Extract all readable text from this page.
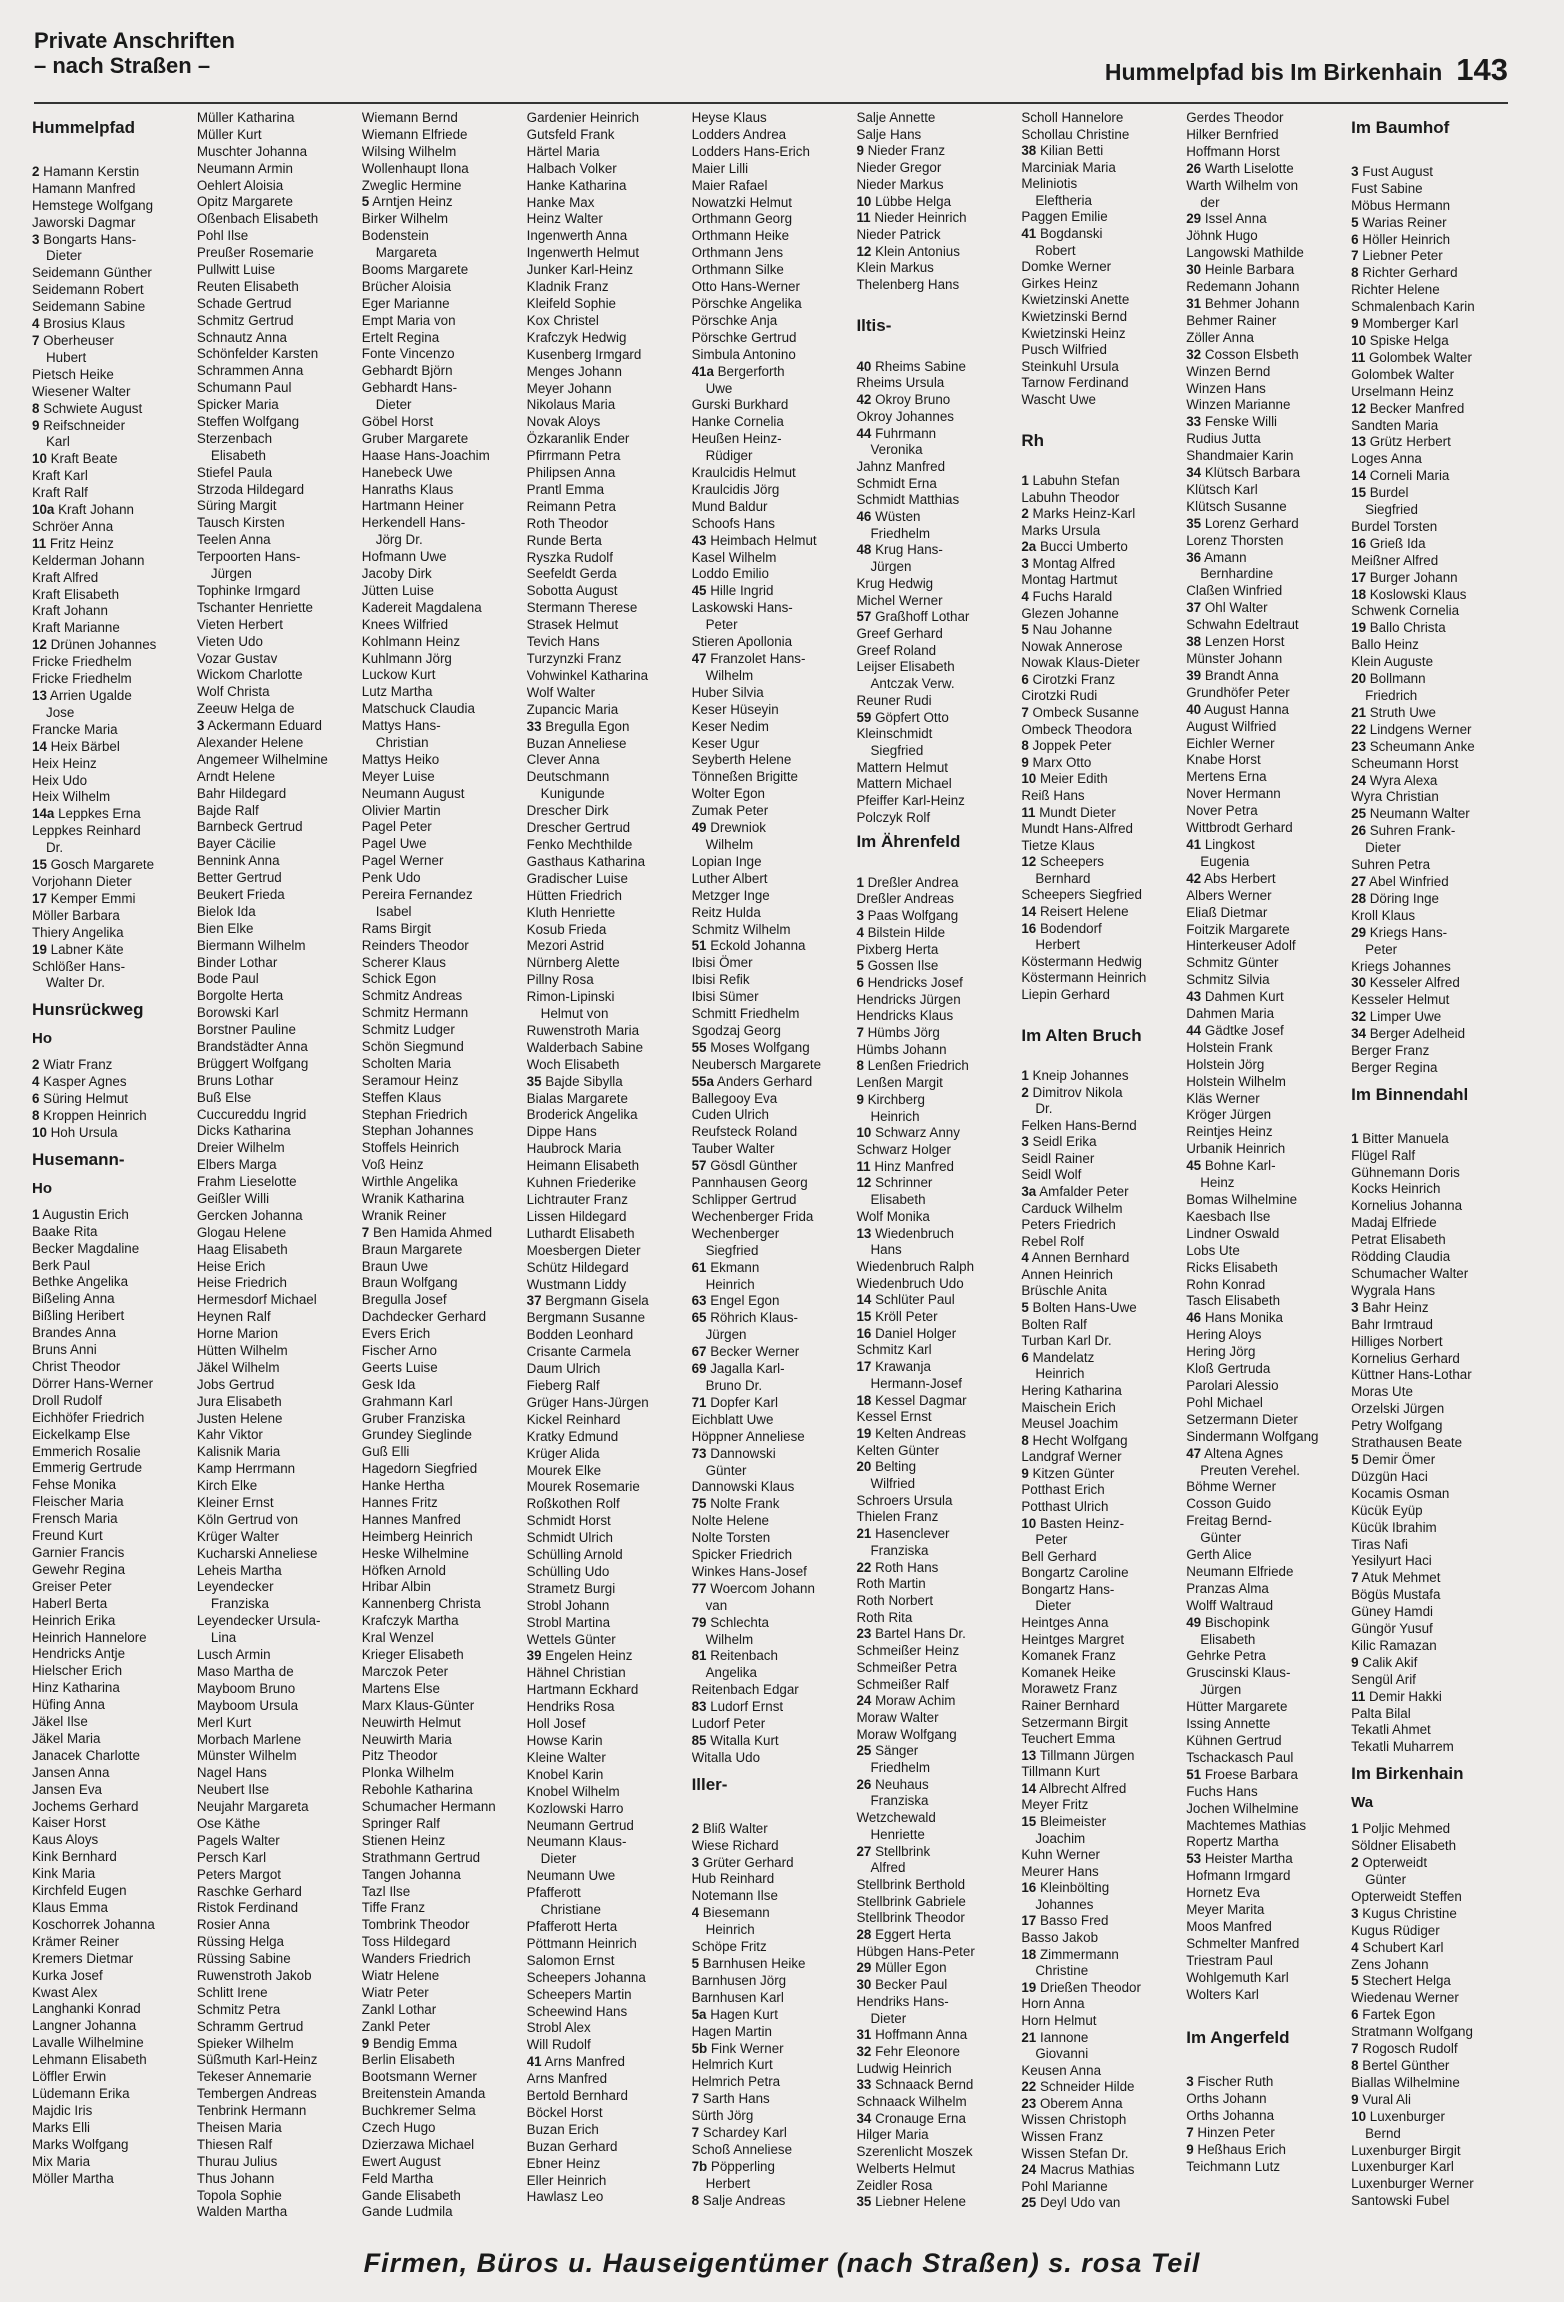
Private Anschriften
– nach Straßen –	Hummelpfad bis Im Birkenhain 143
Hummelpfad

2 Hamann Kerstin
Hamann Manfred
Hemstege Wolfgang
Jaworski Dagmar
3 Bongarts Hans-
Dieter
Seidemann Günther
Seidemann Robert
Seidemann Sabine
4 Brosius Klaus
7 Oberheuser
Hubert
Pietsch Heike
Wiesener Walter
8 Schwiete August
9 Reifschneider
Karl
10 Kraft Beate
Kraft Karl
Kraft Ralf
10a Kraft Johann
Schröer Anna
11 Fritz Heinz
Kelderman Johann
Kraft Alfred
Kraft Elisabeth
Kraft Johann
Kraft Marianne
12 Drünen Johannes
Fricke Friedhelm
Fricke Friedhelm
13 Arrien Ugalde
Jose
Francke Maria
14 Heix Bärbel
Heix Heinz
Heix Udo
Heix Wilhelm
14a Leppkes Erna
Leppkes Reinhard
Dr.
15 Gosch Margarete
Vorjohann Dieter
17 Kemper Emmi
Möller Barbara
Thiery Angelika
19 Labner Käte
Schlößer Hans-
Walter Dr.
Hunsrückweg
Ho
2 Wiatr Franz
4 Kasper Agnes
6 Süring Helmut
8 Kroppen Heinrich
10 Hoh Ursula
Husemann-
Ho
1 Augustin Erich
Baake Rita
Becker Magdaline
Berk Paul
Bethke Angelika
Bißeling Anna
Bißling Heribert
Brandes Anna
Bruns Anni
Christ Theodor
Dörrer Hans-Werner
Droll Rudolf
Eichhöfer Friedrich
Eickelkamp Else
Emmerich Rosalie
Emmerig Gertrude
Fehse Monika
Fleischer Maria
Frensch Maria
Freund Kurt
Garnier Francis
Gewehr Regina
Greiser Peter
Haberl Berta
Heinrich Erika
Heinrich Hannelore
Hendricks Antje
Hielscher Erich
Hinz Katharina
Hüfing Anna
Jäkel Ilse
Jäkel Maria
Janacek Charlotte
Jansen Anna
Jansen Eva
Jochems Gerhard
Kaiser Horst
Kaus Aloys
Kink Bernhard
Kink Maria
Kirchfeld Eugen
Klaus Emma
Koschorrek Johanna
Krämer Reiner
Kremers Dietmar
Kurka Josef
Kwast Alex
Langhanki Konrad
Langner Johanna
Lavalle Wilhelmine
Lehmann Elisabeth
Löffler Erwin
Lüdemann Erika
Majdic Iris
Marks Elli
Marks Wolfgang
Mix Maria
Möller Martha
Müller Katharina
Müller Kurt
Muschter Johanna
Neumann Armin
Oehlert Aloisia
Opitz Margarete
Oßenbach Elisabeth
Pohl Ilse
Preußer Rosemarie
Pullwitt Luise
Reuten Elisabeth
Schade Gertrud
Schmitz Gertrud
Schnautz Anna
Schönfelder Karsten
Schrammen Anna
Schumann Paul
Spicker Maria
Steffen Wolfgang
Sterzenbach
Elisabeth
Stiefel Paula
Strzoda Hildegard
Süring Margit
Tausch Kirsten
Teelen Anna
Terpoorten Hans-
Jürgen
Tophinke Irmgard
Tschanter Henriette
Vieten Herbert
Vieten Udo
Vozar Gustav
Wickom Charlotte
Wolf Christa
Zeeuw Helga de
3 Ackermann Eduard
Alexander Helene
Angemeer Wilhelmine
Arndt Helene
Bahr Hildegard
Bajde Ralf
Barnbeck Gertrud
Bayer Cäcilie
Bennink Anna
Better Gertrud
Beukert Frieda
Bielok Ida
Bien Elke
Biermann Wilhelm
Binder Lothar
Bode Paul
Borgolte Herta
Borowski Karl
Borstner Pauline
Brandstädter Anna
Brüggert Wolfgang
Bruns Lothar
Buß Else
Cuccureddu Ingrid
Dicks Katharina
Dreier Wilhelm
Elbers Marga
Frahm Lieselotte
Geißler Willi
Gercken Johanna
Glogau Helene
Haag Elisabeth
Heise Erich
Heise Friedrich
Hermesdorf Michael
Heynen Ralf
Horne Marion
Hütten Wilhelm
Jäkel Wilhelm
Jobs Gertrud
Jura Elisabeth
Justen Helene
Kahr Viktor
Kalisnik Maria
Kamp Herrmann
Kirch Elke
Kleiner Ernst
Köln Gertrud von
Krüger Walter
Kucharski Anneliese
Leheis Martha
Leyendecker
Franziska
Leyendecker Ursula-
Lina
Lusch Armin
Maso Martha de
Mayboom Bruno
Mayboom Ursula
Merl Kurt
Morbach Marlene
Münster Wilhelm
Nagel Hans
Neubert Ilse
Neujahr Margareta
Ose Käthe
Pagels Walter
Persch Karl
Peters Margot
Raschke Gerhard
Ristok Ferdinand
Rosier Anna
Rüssing Helga
Rüssing Sabine
Ruwenstroth Jakob
Schlitt Irene
Schmitz Petra
Schramm Gertrud
Spieker Wilhelm
Süßmuth Karl-Heinz
Tekeser Annemarie
Tembergen Andreas
Tenbrink Hermann
Theisen Maria
Thiesen Ralf
Thurau Julius
Thus Johann
Topola Sophie
Walden Martha
Wiemann Bernd
Wiemann Elfriede
Wilsing Wilhelm
Wollenhaupt Ilona
Zweglic Hermine
5 Arntjen Heinz
Birker Wilhelm
Bodenstein
Margareta
Booms Margarete
Brücher Aloisia
Eger Marianne
Empt Maria von
Ertelt Regina
Fonte Vincenzo
Gebhardt Björn
Gebhardt Hans-
Dieter
Göbel Horst
Gruber Margarete
Haase Hans-Joachim
Hanebeck Uwe
Hanraths Klaus
Hartmann Heiner
Herkendell Hans-
Jörg Dr.
Hofmann Uwe
Jacoby Dirk
Jütten Luise
Kadereit Magdalena
Knees Wilfried
Kohlmann Heinz
Kuhlmann Jörg
Luckow Kurt
Lutz Martha
Matschuck Claudia
Mattys Hans-
Christian
Mattys Heiko
Meyer Luise
Neumann August
Olivier Martin
Pagel Peter
Pagel Uwe
Pagel Werner
Penk Udo
Pereira Fernandez
Isabel
Rams Birgit
Reinders Theodor
Scherer Klaus
Schick Egon
Schmitz Andreas
Schmitz Hermann
Schmitz Ludger
Schön Siegmund
Scholten Maria
Seramour Heinz
Steffen Klaus
Stephan Friedrich
Stephan Johannes
Stoffels Heinrich
Voß Heinz
Wirthle Angelika
Wranik Katharina
Wranik Reiner
7 Ben Hamida Ahmed
Braun Margarete
Braun Uwe
Braun Wolfgang
Bregulla Josef
Dachdecker Gerhard
Evers Erich
Fischer Arno
Geerts Luise
Gesk Ida
Grahmann Karl
Gruber Franziska
Grundey Sieglinde
Guß Elli
Hagedorn Siegfried
Hanke Hertha
Hannes Fritz
Hannes Manfred
Heimberg Heinrich
Heske Wilhelmine
Höfken Arnold
Hribar Albin
Kannenberg Christa
Krafczyk Martha
Kral Wenzel
Krieger Elisabeth
Marczok Peter
Martens Else
Marx Klaus-Günter
Neuwirth Helmut
Neuwirth Maria
Pitz Theodor
Plonka Wilhelm
Rebohle Katharina
Schumacher Hermann
Springer Ralf
Stienen Heinz
Strathmann Gertrud
Tangen Johanna
Tazl Ilse
Tiffe Franz
Tombrink Theodor
Toss Hildegard
Wanders Friedrich
Wiatr Helene
Wiatr Peter
Zankl Lothar
Zankl Peter
9 Bendig Emma
Berlin Elisabeth
Bootsmann Werner
Breitenstein Amanda
Buchkremer Selma
Czech Hugo
Dzierzawa Michael
Ewert August
Feld Martha
Gande Elisabeth
Gande Ludmila
Gardenier Heinrich
Gutsfeld Frank
Härtel Maria
Halbach Volker
Hanke Katharina
Hanke Max
Heinz Walter
Ingenwerth Anna
Ingenwerth Helmut
Junker Karl-Heinz
Kladnik Franz
Kleifeld Sophie
Kox Christel
Krafczyk Hedwig
Kusenberg Irmgard
Menges Johann
Meyer Johann
Nikolaus Maria
Novak Aloys
Özkaranlik Ender
Pfirrmann Petra
Philipsen Anna
Prantl Emma
Reimann Petra
Roth Theodor
Runde Berta
Ryszka Rudolf
Seefeldt Gerda
Sobotta August
Stermann Therese
Strasek Helmut
Tevich Hans
Turzynzki Franz
Vohwinkel Katharina
Wolf Walter
Zupancic Maria
33 Bregulla Egon
Buzan Anneliese
Clever Anna
Deutschmann
Kunigunde
Drescher Dirk
Drescher Gertrud
Fenko Mechthilde
Gasthaus Katharina
Gradischer Luise
Hütten Friedrich
Kluth Henriette
Kosub Frieda
Mezori Astrid
Nürnberg Alette
Pillny Rosa
Rimon-Lipinski
Helmut von
Ruwenstroth Maria
Walderbach Sabine
Woch Elisabeth
35 Bajde Sibylla
Bialas Margarete
Broderick Angelika
Dippe Hans
Haubrock Maria
Heimann Elisabeth
Kuhnen Friederike
Lichtrauter Franz
Lissen Hildegard
Luthardt Elisabeth
Moesbergen Dieter
Schütz Hildegard
Wustmann Liddy
37 Bergmann Gisela
Bergmann Susanne
Bodden Leonhard
Crisante Carmela
Daum Ulrich
Fieberg Ralf
Grüger Hans-Jürgen
Kickel Reinhard
Kratky Edmund
Krüger Alida
Mourek Elke
Mourek Rosemarie
Roßkothen Rolf
Schmidt Horst
Schmidt Ulrich
Schülling Arnold
Schülling Udo
Strametz Burgi
Strobl Johann
Strobl Martina
Wettels Günter
39 Engelen Heinz
Hähnel Christian
Hartmann Eckhard
Hendriks Rosa
Holl Josef
Howse Karin
Kleine Walter
Knobel Karin
Knobel Wilhelm
Kozlowski Harro
Neumann Gertrud
Neumann Klaus-
Dieter
Neumann Uwe
Pfafferott
Christiane
Pfafferott Herta
Pöttmann Heinrich
Salomon Ernst
Scheepers Johanna
Scheepers Martin
Scheewind Hans
Strobl Alex
Will Rudolf
41 Arns Manfred
Arns Manfred
Bertold Bernhard
Böckel Horst
Buzan Erich
Buzan Gerhard
Ebner Heinz
Eller Heinrich
Hawlasz Leo
Heyse Klaus
Lodders Andrea
Lodders Hans-Erich
Maier Lilli
Maier Rafael
Nowatzki Helmut
Orthmann Georg
Orthmann Heike
Orthmann Jens
Orthmann Silke
Otto Hans-Werner
Pörschke Angelika
Pörschke Anja
Pörschke Gertrud
Simbula Antonino
41a Bergerforth
Uwe
Gurski Burkhard
Hanke Cornelia
Heußen Heinz-
Rüdiger
Kraulcidis Helmut
Kraulcidis Jörg
Mund Baldur
Schoofs Hans
43 Heimbach Helmut
Kasel Wilhelm
Loddo Emilio
45 Hille Ingrid
Laskowski Hans-
Peter
Stieren Apollonia
47 Franzolet Hans-
Wilhelm
Huber Silvia
Keser Hüseyin
Keser Nedim
Keser Ugur
Seyberth Helene
Tönneßen Brigitte
Wolter Egon
Zumak Peter
49 Drewniok
Wilhelm
Lopian Inge
Luther Albert
Metzger Inge
Reitz Hulda
Schmitz Wilhelm
51 Eckold Johanna
Ibisi Ömer
Ibisi Refik
Ibisi Sümer
Schmitt Friedhelm
Sgodzaj Georg
55 Moses Wolfgang
Neubersch Margarete
55a Anders Gerhard
Ballegooy Eva
Cuden Ulrich
Reufsteck Roland
Tauber Walter
57 Gösdl Günther
Pannhausen Georg
Schlipper Gertrud
Wechenberger Frida
Wechenberger
Siegfried
61 Ekmann
Heinrich
63 Engel Egon
65 Röhrich Klaus-
Jürgen
67 Becker Werner
69 Jagalla Karl-
Bruno Dr.
71 Dopfer Karl
Eichblatt Uwe
Höppner Anneliese
73 Dannowski
Günter
Dannowski Klaus
75 Nolte Frank
Nolte Helene
Nolte Torsten
Spicker Friedrich
Winkes Hans-Josef
77 Woercom Johann
van
79 Schlechta
Wilhelm
81 Reitenbach
Angelika
Reitenbach Edgar
83 Ludorf Ernst
Ludorf Peter
85 Witalla Kurt
Witalla Udo
Iller-

2 Bliß Walter
Wiese Richard
3 Grüter Gerhard
Hub Reinhard
Notemann Ilse
4 Biesemann
Heinrich
Schöpe Fritz
5 Barnhusen Heike
Barnhusen Jörg
Barnhusen Karl
5a Hagen Kurt
Hagen Martin
5b Fink Werner
Helmrich Kurt
Helmrich Petra
7 Sarth Hans
Sürth Jörg
7 Schardey Karl
Schoß Anneliese
7b Pöpperling
Herbert
8 Salje Andreas
Salje Annette
Salje Hans
9 Nieder Franz
Nieder Gregor
Nieder Markus
10 Lübbe Helga
11 Nieder Heinrich
Nieder Patrick
12 Klein Antonius
Klein Markus
Thelenberg Hans

Iltis-

40 Rheims Sabine
Rheims Ursula
42 Okroy Bruno
Okroy Johannes
44 Fuhrmann
Veronika
Jahnz Manfred
Schmidt Erna
Schmidt Matthias
46 Wüsten
Friedhelm
48 Krug Hans-
Jürgen
Krug Hedwig
Michel Werner
57 Graßhoff Lothar
Greef Gerhard
Greef Roland
Leijser Elisabeth
Antczak Verw.
Reuner Rudi
59 Göpfert Otto
Kleinschmidt
Siegfried
Mattern Helmut
Mattern Michael
Pfeiffer Karl-Heinz
Polczyk Rolf
Im Ährenfeld

1 Dreßler Andrea
Dreßler Andreas
3 Paas Wolfgang
4 Bilstein Hilde
Pixberg Herta
5 Gossen Ilse
6 Hendricks Josef
Hendricks Jürgen
Hendricks Klaus
7 Hümbs Jörg
Hümbs Johann
8 Lenßen Friedrich
Lenßen Margit
9 Kirchberg
Heinrich
10 Schwarz Anny
Schwarz Holger
11 Hinz Manfred
12 Schrinner
Elisabeth
Wolf Monika
13 Wiedenbruch
Hans
Wiedenbruch Ralph
Wiedenbruch Udo
14 Schlüter Paul
15 Kröll Peter
16 Daniel Holger
Schmitz Karl
17 Krawanja
Hermann-Josef
18 Kessel Dagmar
Kessel Ernst
19 Kelten Andreas
Kelten Günter
20 Belting
Wilfried
Schroers Ursula
Thielen Franz
21 Hasenclever
Franziska
22 Roth Hans
Roth Martin
Roth Norbert
Roth Rita
23 Bartel Hans Dr.
Schmeißer Heinz
Schmeißer Petra
Schmeißer Ralf
24 Moraw Achim
Moraw Walter
Moraw Wolfgang
25 Sänger
Friedhelm
26 Neuhaus
Franziska
Wetzchewald
Henriette
27 Stellbrink
Alfred
Stellbrink Berthold
Stellbrink Gabriele
Stellbrink Theodor
28 Eggert Herta
Hübgen Hans-Peter
29 Müller Egon
30 Becker Paul
Hendriks Hans-
Dieter
31 Hoffmann Anna
32 Fehr Eleonore
Ludwig Heinrich
33 Schnaack Bernd
Schnaack Wilhelm
34 Cronauge Erna
Hilger Maria
Szerenlicht Moszek
Welberts Helmut
Zeidler Rosa
35 Liebner Helene
Scholl Hannelore
Schollau Christine
38 Kilian Betti
Marciniak Maria
Meliniotis
Eleftheria
Paggen Emilie
41 Bogdanski
Robert
Domke Werner
Girkes Heinz
Kwietzinski Anette
Kwietzinski Bernd
Kwietzinski Heinz
Pusch Wilfried
Steinkuhl Ursula
Tarnow Ferdinand
Wascht Uwe

Rh

1 Labuhn Stefan
Labuhn Theodor
2 Marks Heinz-Karl
Marks Ursula
2a Bucci Umberto
3 Montag Alfred
Montag Hartmut
4 Fuchs Harald
Glezen Johanne
5 Nau Johanne
Nowak Annerose
Nowak Klaus-Dieter
6 Cirotzki Franz
Cirotzki Rudi
7 Ombeck Susanne
Ombeck Theodora
8 Joppek Peter
9 Marx Otto
10 Meier Edith
Reiß Hans
11 Mundt Dieter
Mundt Hans-Alfred
Tietze Klaus
12 Scheepers
Bernhard
Scheepers Siegfried
14 Reisert Helene
16 Bodendorf
Herbert
Köstermann Hedwig
Köstermann Heinrich
Liepin Gerhard

Im Alten Bruch

1 Kneip Johannes
2 Dimitrov Nikola
Dr.
Felken Hans-Bernd
3 Seidl Erika
Seidl Rainer
Seidl Wolf
3a Amfalder Peter
Carduck Wilhelm
Peters Friedrich
Rebel Rolf
4 Annen Bernhard
Annen Heinrich
Brüschle Anita
5 Bolten Hans-Uwe
Bolten Ralf
Turban Karl Dr.
6 Mandelatz
Heinrich
Hering Katharina
Maischein Erich
Meusel Joachim
8 Hecht Wolfgang
Landgraf Werner
9 Kitzen Günter
Potthast Erich
Potthast Ulrich
10 Basten Heinz-
Peter
Bell Gerhard
Bongartz Caroline
Bongartz Hans-
Dieter
Heintges Anna
Heintges Margret
Komanek Franz
Komanek Heike
Morawetz Franz
Rainer Bernhard
Setzermann Birgit
Teuchert Emma
13 Tillmann Jürgen
Tillmann Kurt
14 Albrecht Alfred
Meyer Fritz
15 Bleimeister
Joachim
Kuhn Werner
Meurer Hans
16 Kleinbölting
Johannes
17 Basso Fred
Basso Jakob
18 Zimmermann
Christine
19 Drießen Theodor
Horn Anna
Horn Helmut
21 Iannone
Giovanni
Keusen Anna
22 Schneider Hilde
23 Oberem Anna
Wissen Christoph
Wissen Franz
Wissen Stefan Dr.
24 Macrus Mathias
Pohl Marianne
25 Deyl Udo van
Gerdes Theodor
Hilker Bernfried
Hoffmann Horst
26 Warth Liselotte
Warth Wilhelm von
der
29 Issel Anna
Jöhnk Hugo
Langowski Mathilde
30 Heinle Barbara
Redemann Johann
31 Behmer Johann
Behmer Rainer
Zöller Anna
32 Cosson Elsbeth
Winzen Bernd
Winzen Hans
Winzen Marianne
33 Fenske Willi
Rudius Jutta
Shandmaier Karin
34 Klütsch Barbara
Klütsch Karl
Klütsch Susanne
35 Lorenz Gerhard
Lorenz Thorsten
36 Amann
Bernhardine
Claßen Winfried
37 Ohl Walter
Schwahn Edeltraut
38 Lenzen Horst
Münster Johann
39 Brandt Anna
Grundhöfer Peter
40 August Hanna
August Wilfried
Eichler Werner
Knabe Horst
Mertens Erna
Nover Hermann
Nover Petra
Wittbrodt Gerhard
41 Lingkost
Eugenia
42 Abs Herbert
Albers Werner
Eliaß Dietmar
Foitzik Margarete
Hinterkeuser Adolf
Schmitz Günter
Schmitz Silvia
43 Dahmen Kurt
Dahmen Maria
44 Gädtke Josef
Holstein Frank
Holstein Jörg
Holstein Wilhelm
Kläs Werner
Kröger Jürgen
Reintjes Heinz
Urbanik Heinrich
45 Bohne Karl-
Heinz
Bomas Wilhelmine
Kaesbach Ilse
Lindner Oswald
Lobs Ute
Ricks Elisabeth
Rohn Konrad
Tasch Elisabeth
46 Hans Monika
Hering Aloys
Hering Jörg
Kloß Gertruda
Parolari Alessio
Pohl Michael
Setzermann Dieter
Sindermann Wolfgang
47 Altena Agnes
Preuten Verehel.
Böhme Werner
Cosson Guido
Freitag Bernd-
Günter
Gerth Alice
Neumann Elfriede
Pranzas Alma
Wolff Waltraud
49 Bischopink
Elisabeth
Gehrke Petra
Gruscinski Klaus-
Jürgen
Hütter Margarete
Issing Annette
Kühnen Gertrud
Tschackasch Paul
51 Froese Barbara
Fuchs Hans
Jochen Wilhelmine
Machtemes Mathias
Ropertz Martha
53 Heister Martha
Hofmann Irmgard
Hornetz Eva
Meyer Marita
Moos Manfred
Schmelter Manfred
Triestram Paul
Wohlgemuth Karl
Wolters Karl

Im Angerfeld

3 Fischer Ruth
Orths Johann
Orths Johanna
7 Hinzen Peter
9 Heßhaus Erich
Teichmann Lutz
Im Baumhof

3 Fust August
Fust Sabine
Möbus Hermann
5 Warias Reiner
6 Höller Heinrich
7 Liebner Peter
8 Richter Gerhard
Richter Helene
Schmalenbach Karin
9 Momberger Karl
10 Spiske Helga
11 Golombek Walter
Golombek Walter
Urselmann Heinz
12 Becker Manfred
Sandten Maria
13 Grütz Herbert
Loges Anna
14 Corneli Maria
15 Burdel
Siegfried
Burdel Torsten
16 Grieß Ida
Meißner Alfred
17 Burger Johann
18 Koslowski Klaus
Schwenk Cornelia
19 Ballo Christa
Ballo Heinz
Klein Auguste
20 Bollmann
Friedrich
21 Struth Uwe
22 Lindgens Werner
23 Scheumann Anke
Scheumann Horst
24 Wyra Alexa
Wyra Christian
25 Neumann Walter
26 Suhren Frank-
Dieter
Suhren Petra
27 Abel Winfried
28 Döring Inge
Kroll Klaus
29 Kriegs Hans-
Peter
Kriegs Johannes
30 Kesseler Alfred
Kesseler Helmut
32 Limper Uwe
34 Berger Adelheid
Berger Franz
Berger Regina
Im Binnendahl

1 Bitter Manuela
Flügel Ralf
Gühnemann Doris
Kocks Heinrich
Kornelius Johanna
Madaj Elfriede
Petrat Elisabeth
Rödding Claudia
Schumacher Walter
Wygrala Hans
3 Bahr Heinz
Bahr Irmtraud
Hilliges Norbert
Kornelius Gerhard
Küttner Hans-Lothar
Moras Ute
Orzelski Jürgen
Petry Wolfgang
Strathausen Beate
5 Demir Ömer
Düzgün Haci
Kocamis Osman
Kücük Eyüp
Kücük Ibrahim
Tiras Nafi
Yesilyurt Haci
7 Atuk Mehmet
Bögüs Mustafa
Güney Hamdi
Güngör Yusuf
Kilic Ramazan
9 Calik Akif
Sengül Arif
11 Demir Hakki
Palta Bilal
Tekatli Ahmet
Tekatli Muharrem
Im Birkenhain
Wa
1 Poljic Mehmed
Söldner Elisabeth
2 Opterweidt
Günter
Opterweidt Steffen
3 Kugus Christine
Kugus Rüdiger
4 Schubert Karl
Zens Johann
5 Stechert Helga
Wiedenau Werner
6 Fartek Egon
Stratmann Wolfgang
7 Rogosch Rudolf
8 Bertel Günther
Biallas Wilhelmine
9 Vural Ali
10 Luxenburger
Bernd
Luxenburger Birgit
Luxenburger Karl
Luxenburger Werner
Santowski Fubel
Firmen, Büros u. Hauseigentümer (nach Straßen) s. rosa Teil
